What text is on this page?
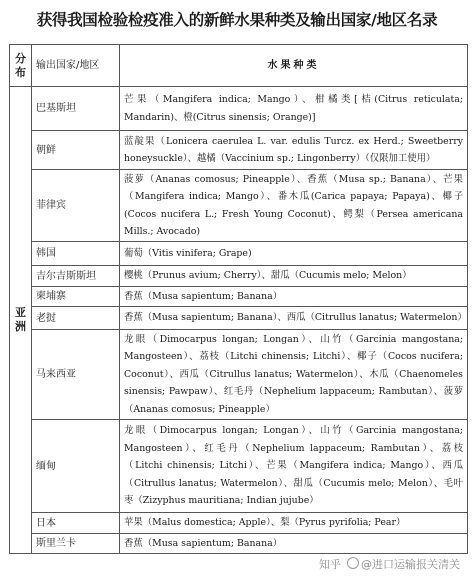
获得我国检验检疫准入的新鲜水果种类及输出国家/地区名录
分布	输出国家/地区	水果种类

亚洲	巴基斯坦	芒果（Mangifera indica; Mango）、柑橘类[桔(Citrus reticulata; Mandarin)、橙(Citrus sinensis; Orange)]

	朝鲜	蓝靛果（Lonicera caerulea L. var. edulis Turcz. ex Herd.; Sweetberry honeysuckle）、越橘（Vaccinium sp.; Lingonberry）（仅限加工使用）

	菲律宾	菠萝（Ananas comosus; Pineapple）、香蕉（Musa sp.; Banana）、芒果（Mangifera indica; Mango）、番木瓜(Carica papaya; Papaya)、椰子(Cocos nucifera L.; Fresh Young Coconut)、鳄梨（Persea americana Mills.; Avocado)

	韩国	葡萄（Vitis vinifera; Grape)

	吉尔吉斯斯坦	樱桃（Prunus avium; Cherry）、甜瓜（Cucumis melo; Melon）

	柬埔寨	香蕉（Musa sapientum; Banana）

	老挝	香蕉（Musa sapientum; Banana）、西瓜（Citrullus lanatus; Watermelon）

	马来西亚	龙眼（Dimocarpus longan; Longan）、山竹（Garcinia mangostana; Mangosteen）、荔枝（Litchi chinensis; Litchi）、椰子（Cocos nucifera; Coconut）、西瓜（Citrullus lanatus; Watermelon）、木瓜（Chaenomeles sinensis; Pawpaw）、红毛丹（Nephelium lappaceum; Rambutan）、菠萝（Ananas comosus; Pineapple）

	缅甸	龙眼（Dimocarpus longan; Longan）、山竹（Garcinia mangostana; Mangosteen）、红毛丹（Nephelium lappaceum; Rambutan）、荔枝（Litchi chinensis; Litchi）、芒果（Mangifera indica; Mango）、西瓜（Citrullus lanatus; Watermelon）、甜瓜（Cucumis melo; Melon）、毛叶枣（Zizyphus mauritiana; Indian jujube）

	日本	苹果（Malus domestica; Apple）、梨（Pyrus pyrifolia; Pear）

	斯里兰卡	香蕉（Musa sapientum; Banana）
知乎 @进口运输报关清关
